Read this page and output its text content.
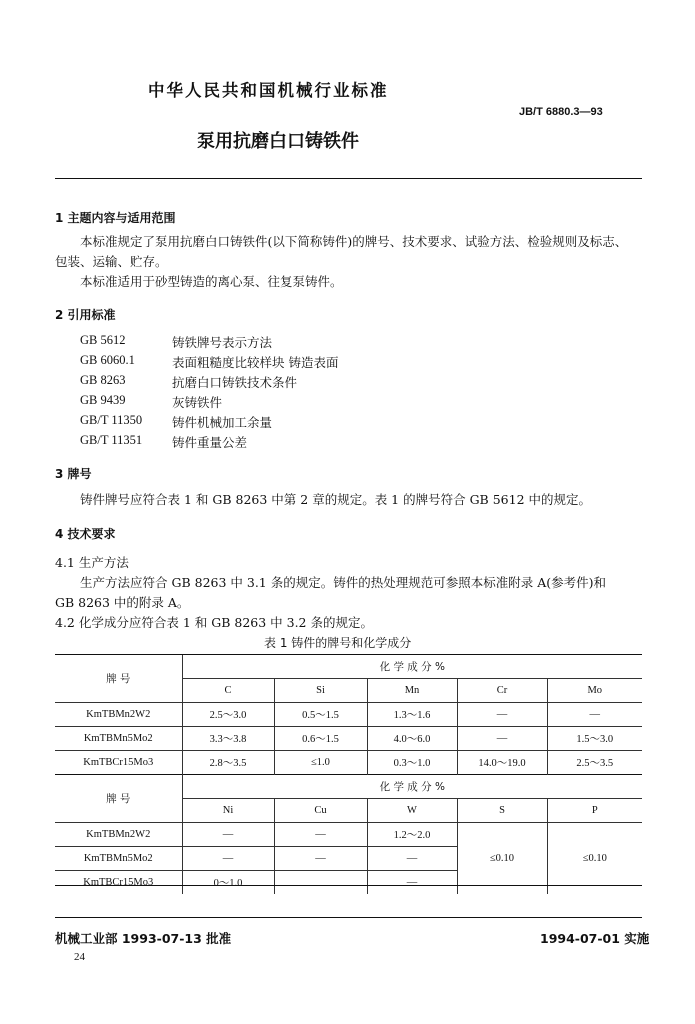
中华人民共和国机械行业标准
JB/T 6880.3—93
泵用抗磨白口铸铁件
1 主题内容与适用范围
本标准规定了泵用抗磨白口铸铁件(以下简称铸件)的牌号、技术要求、试验方法、检验规则及标志、
包装、运输、贮存。
本标准适用于砂型铸造的离心泵、往复泵铸件。
2 引用标准
GB 5612	铸铁牌号表示方法
GB 6060.1	表面粗糙度比较样块 铸造表面
GB 8263	抗磨白口铸铁技术条件
GB 9439	灰铸铁件
GB/T 11350 铸件机械加工余量
GB/T 11351 铸件重量公差
3 牌号
铸件牌号应符合表 1 和 GB 8263 中第 2 章的规定。表 1 的牌号符合 GB 5612 中的规定。
4 技术要求
4.1 生产方法
生产方法应符合 GB 8263 中 3.1 条的规定。铸件的热处理规范可参照本标准附录 A(参考件)和
GB 8263 中的附录 A。
4.2 化学成分应符合表 1 和 GB 8263 中 3.2 条的规定。
表 1 铸件的牌号和化学成分
牌 号	化 学 成 分 %				
	C	Si	Mn	Cr	Mo
KmTBMn2W2	2.5～3.0	0.5～1.5	1.3～1.6	—	—
KmTBMn5Mo2	3.3～3.8	0.6～1.5	4.0～6.0	—	1.5～3.0
KmTBCr15Mo3	2.8～3.5	≤1.0	0.3～1.0	14.0～19.0	2.5～3.5
牌 号	化 学 成 分 %				
	Ni	Cu	W	S	P
KmTBMn2W2	—	—	1.2～2.0	≤0.10	≤0.10
KmTBMn5Mo2	—	—	—		
KmTBCr15Mo3	0～1.0		—		
机械工业部 1993-07-13 批准	1994-07-01 实施
24
